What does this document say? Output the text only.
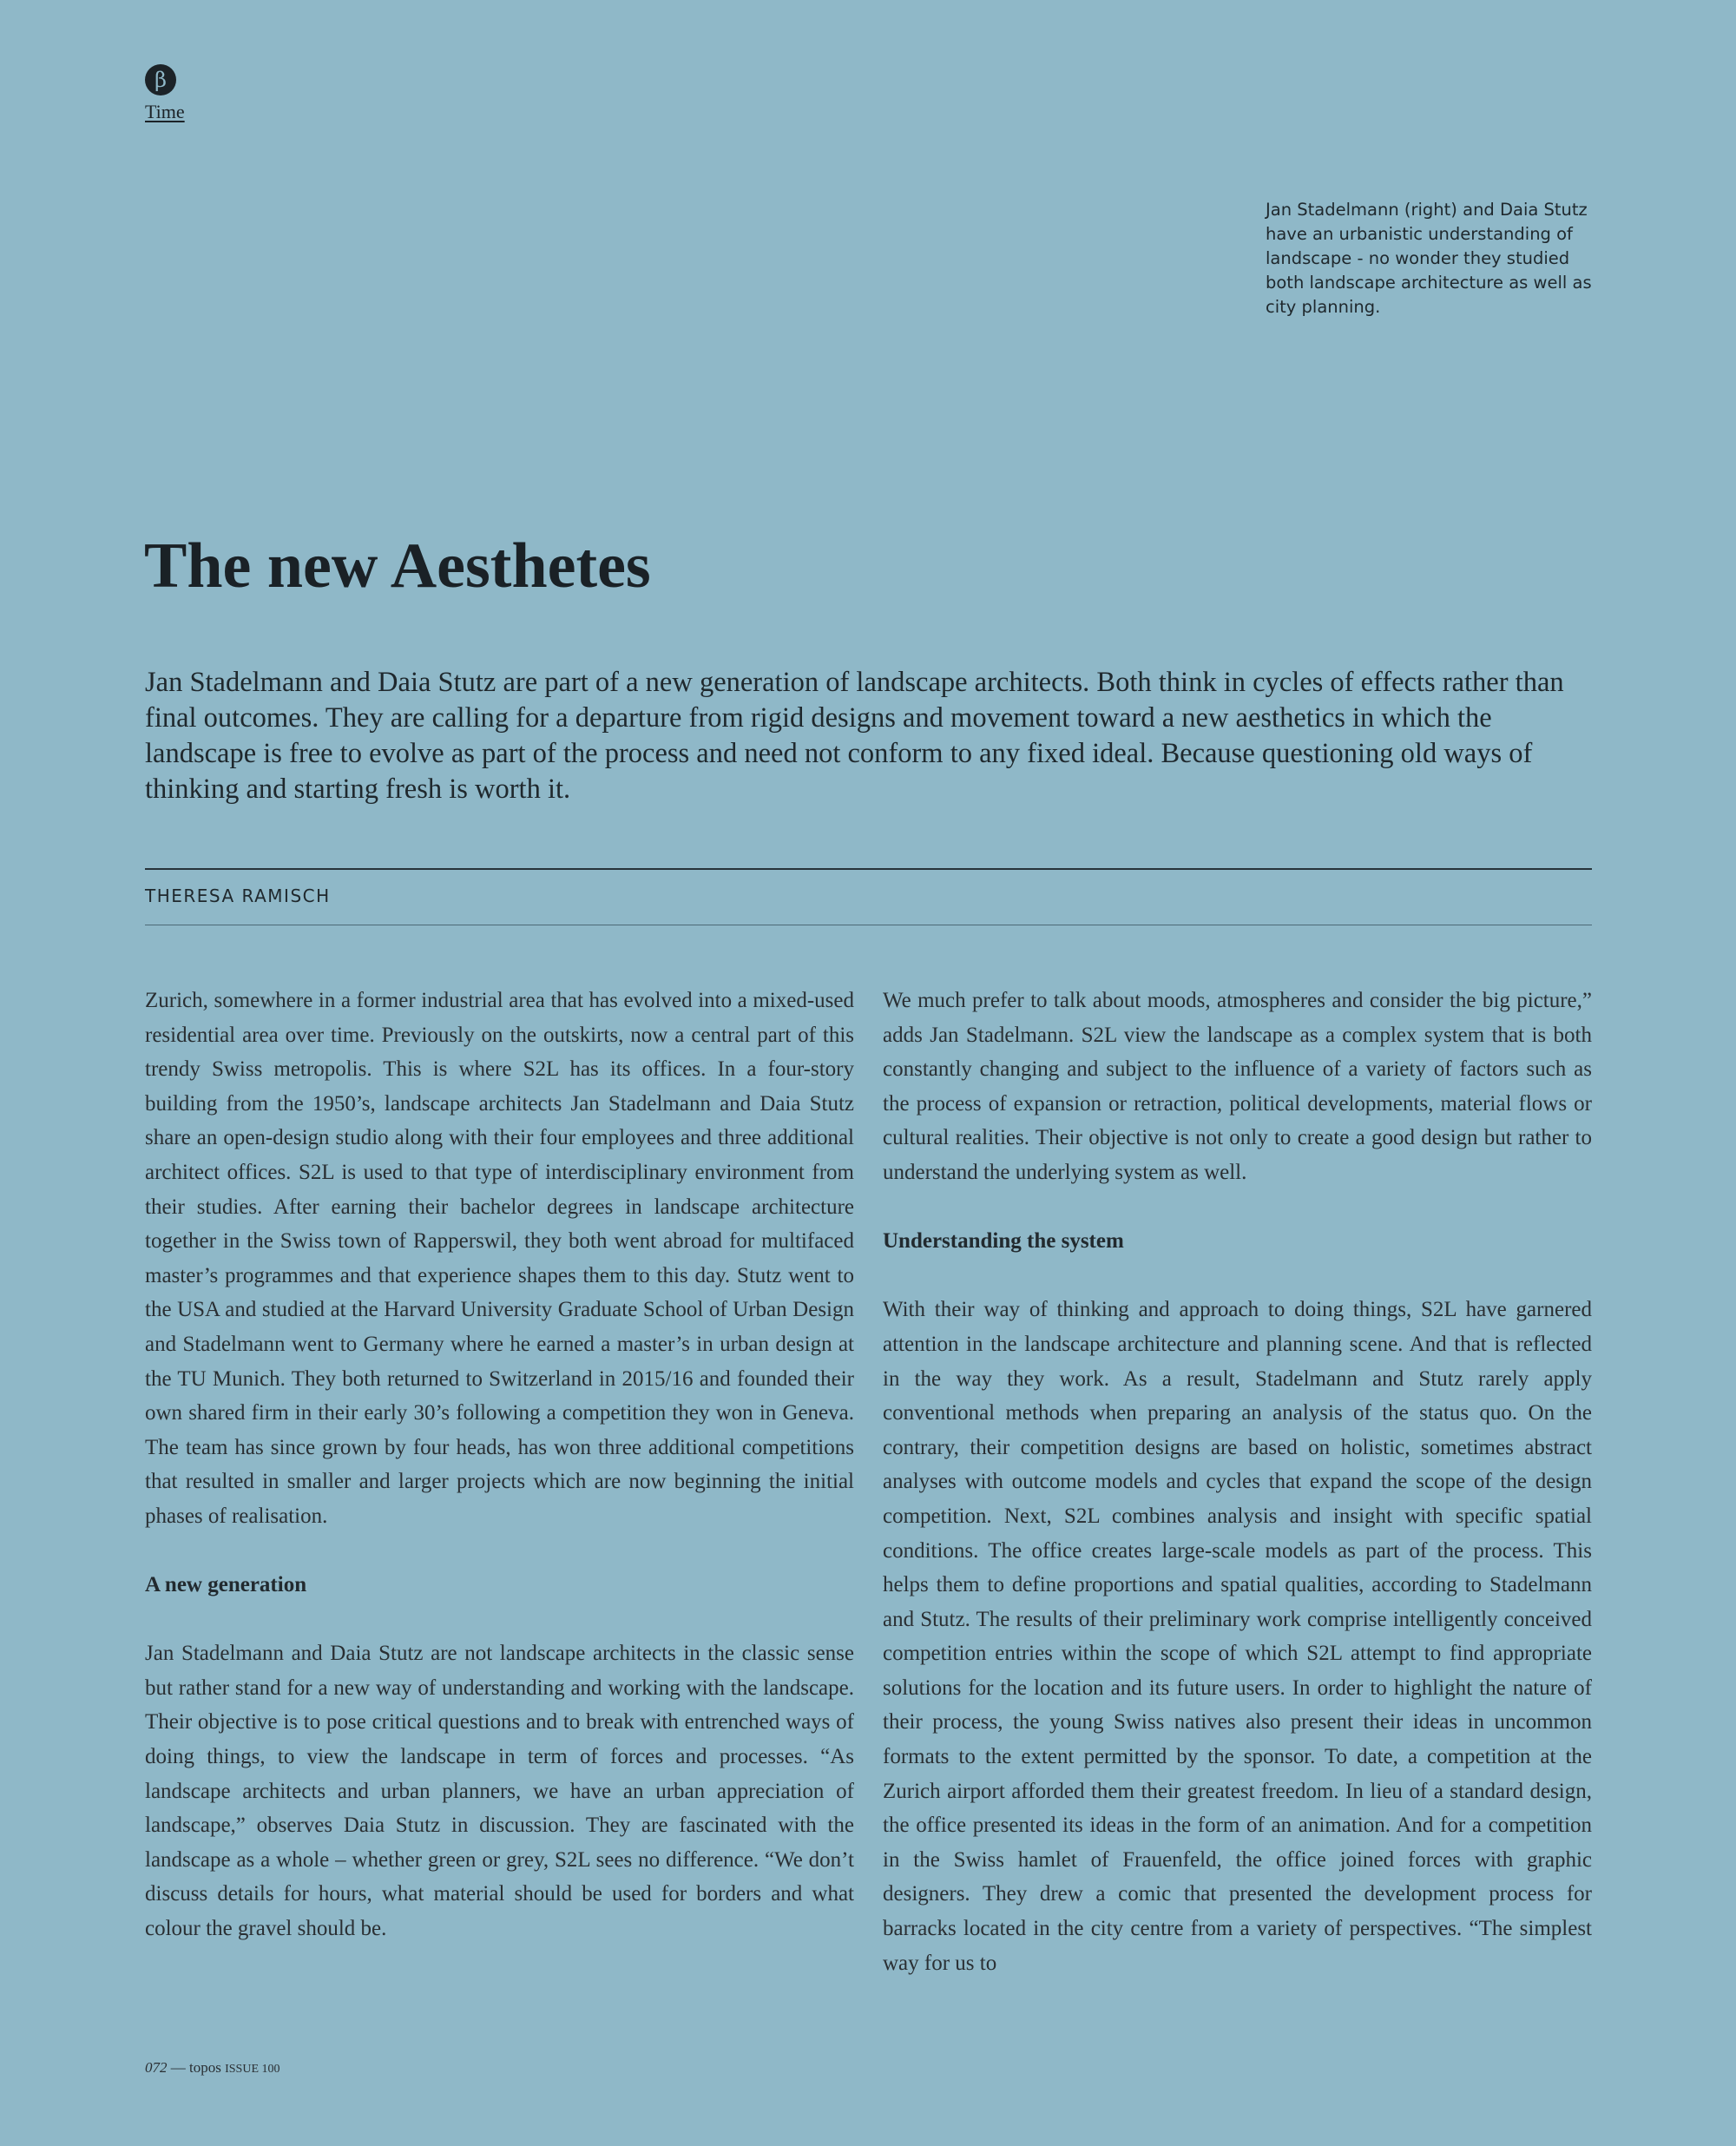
β
Time

Jan Stadelmann (right) and Daia Stutz have an urbanistic understanding of landscape - no wonder they studied both landscape architecture as well as city planning.

The new Aesthetes

Jan Stadelmann and Daia Stutz are part of a new generation of landscape architects. Both think in cycles of effects rather than final outcomes. They are calling for a departure from rigid designs and movement toward a new aesthetics in which the landscape is free to evolve as part of the process and need not conform to any fixed ideal. Because questioning old ways of thinking and starting fresh is worth it.

THERESA RAMISCH

Zurich, somewhere in a former industrial area that has evolved into a mixed-used residential area over time. Previously on the outskirts, now a central part of this trendy Swiss metropolis. This is where S2L has its offices. In a four-story building from the 1950’s, landscape architects Jan Stadelmann and Daia Stutz share an open-design studio along with their four employees and three additional architect offices. S2L is used to that type of interdisciplinary environment from their studies. After earning their bachelor degrees in landscape architecture together in the Swiss town of Rapperswil, they both went abroad for multifaced master’s programmes and that experience shapes them to this day. Stutz went to the USA and studied at the Harvard University Graduate School of Urban Design and Stadelmann went to Germany where he earned a master’s in urban design at the TU Munich. They both returned to Switzerland in 2015/16 and founded their own shared firm in their early 30’s following a competition they won in Geneva. The team has since grown by four heads, has won three additional competitions that resulted in smaller and larger projects which are now beginning the initial phases of realisation.

A new generation

Jan Stadelmann and Daia Stutz are not landscape architects in the classic sense but rather stand for a new way of understanding and working with the landscape. Their objective is to pose critical questions and to break with entrenched ways of doing things, to view the landscape in term of forces and processes. “As landscape architects and urban planners, we have an urban appreciation of landscape,” observes Daia Stutz in discussion. They are fascinated with the landscape as a whole – whether green or grey, S2L sees no difference. “We don’t discuss details for hours, what material should be used for borders and what colour the gravel should be.

We much prefer to talk about moods, atmospheres and consider the big picture,” adds Jan Stadelmann. S2L view the landscape as a complex system that is both constantly changing and subject to the influence of a variety of factors such as the process of expansion or retraction, political developments, material flows or cultural realities. Their objective is not only to create a good design but rather to understand the underlying system as well.

Understanding the system

With their way of thinking and approach to doing things, S2L have garnered attention in the landscape architecture and planning scene. And that is reflected in the way they work. As a result, Stadelmann and Stutz rarely apply conventional methods when preparing an analysis of the status quo. On the contrary, their competition designs are based on holistic, sometimes abstract analyses with outcome models and cycles that expand the scope of the design competition. Next, S2L combines analysis and insight with specific spatial conditions. The office creates large-scale models as part of the process. This helps them to define proportions and spatial qualities, according to Stadelmann and Stutz. The results of their preliminary work comprise intelligently conceived competition entries within the scope of which S2L attempt to find appropriate solutions for the location and its future users. In order to highlight the nature of their process, the young Swiss natives also present their ideas in uncommon formats to the extent permitted by the sponsor. To date, a competition at the Zurich airport afforded them their greatest freedom. In lieu of a standard design, the office presented its ideas in the form of an animation. And for a competition in the Swiss hamlet of Frauenfeld, the office joined forces with graphic designers. They drew a comic that presented the development process for barracks located in the city centre from a variety of perspectives. “The simplest way for us to

072 — topos ISSUE 100
